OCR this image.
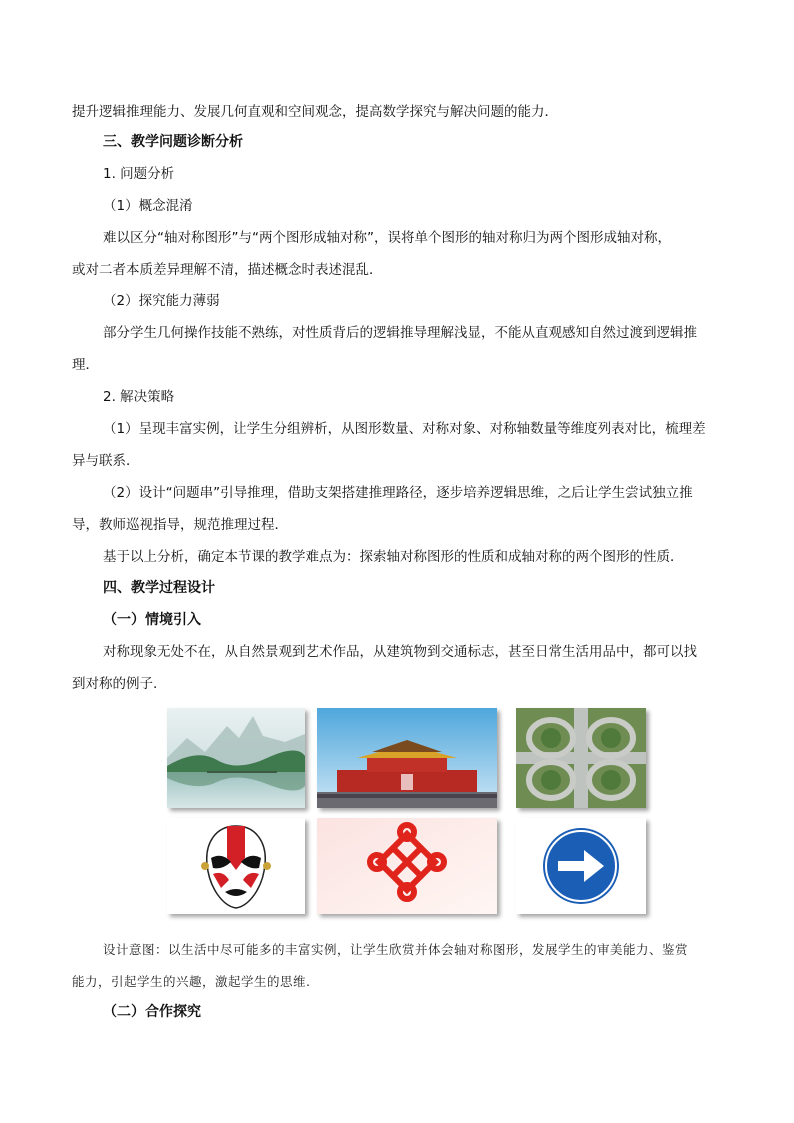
提升逻辑推理能力、发展几何直观和空间观念，提高数学探究与解决问题的能力．
三、教学问题诊断分析
1. 问题分析
（1）概念混淆
难以区分“轴对称图形”与“两个图形成轴对称”，误将单个图形的轴对称归为两个图形成轴对称，
或对二者本质差异理解不清，描述概念时表述混乱．
（2）探究能力薄弱
部分学生几何操作技能不熟练，对性质背后的逻辑推导理解浅显，不能从直观感知自然过渡到逻辑推
理．
2. 解决策略
（1）呈现丰富实例，让学生分组辨析，从图形数量、对称对象、对称轴数量等维度列表对比，梳理差
异与联系．
（2）设计“问题串”引导推理，借助支架搭建推理路径，逐步培养逻辑思维，之后让学生尝试独立推
导，教师巡视指导，规范推理过程．
基于以上分析，确定本节课的教学难点为：探索轴对称图形的性质和成轴对称的两个图形的性质．
四、教学过程设计
（一）情境引入
对称现象无处不在，从自然景观到艺术作品，从建筑物到交通标志，甚至日常生活用品中，都可以找
到对称的例子.
设计意图：以生活中尽可能多的丰富实例，让学生欣赏并体会轴对称图形，发展学生的审美能力、鉴赏
能力，引起学生的兴趣，激起学生的思维.
（二）合作探究
